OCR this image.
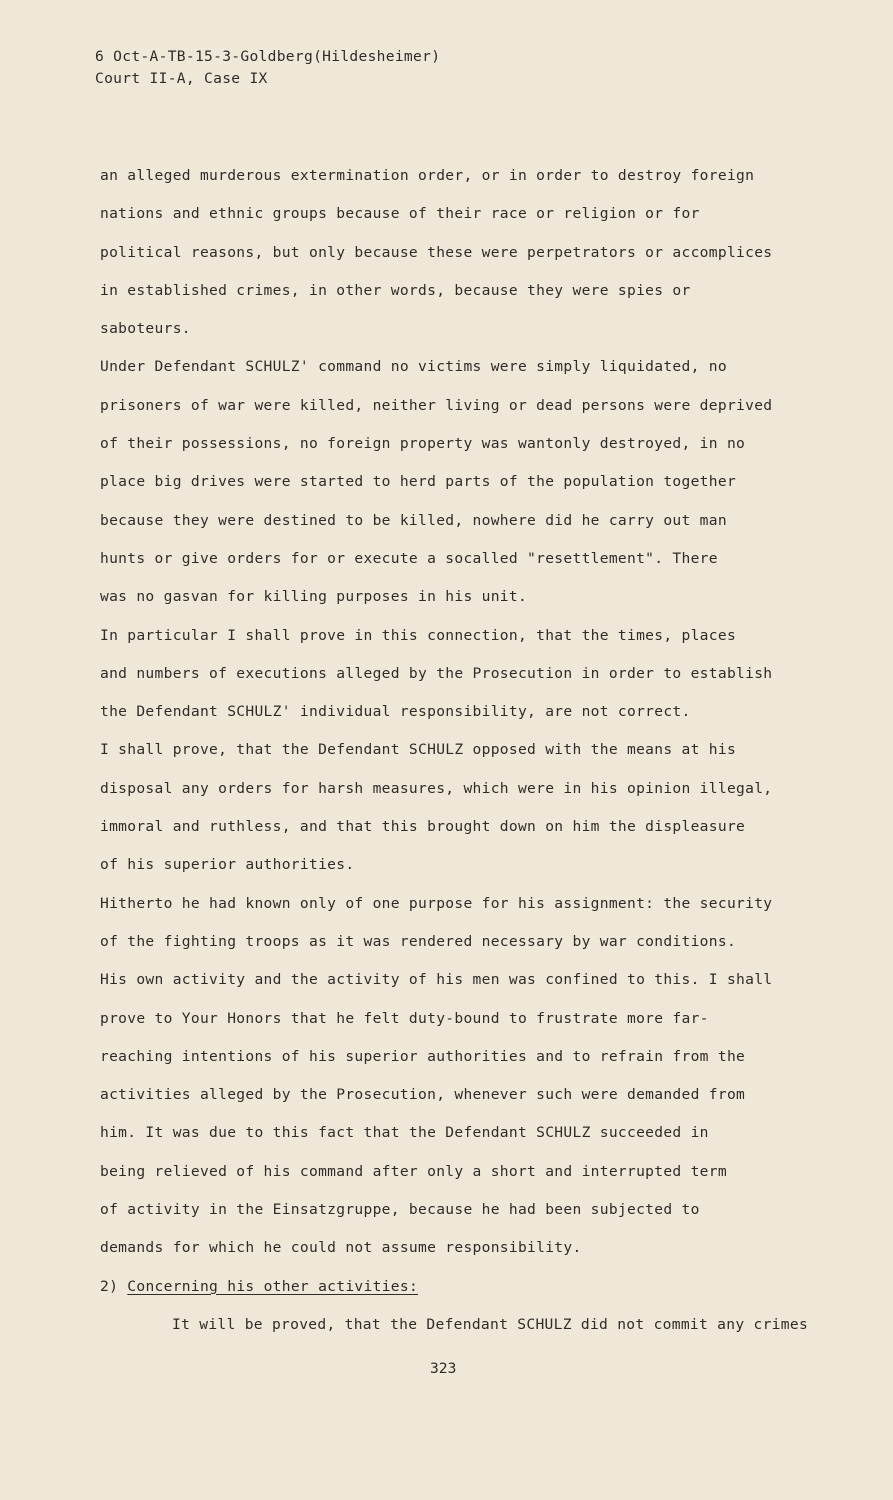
6 Oct-A-TB-15-3-Goldberg(Hildesheimer)
Court II-A, Case IX
an alleged murderous extermination order, or in order to destroy foreign
nations and ethnic groups because of their race or religion or for
political reasons, but only because these were perpetrators or accomplices
in established crimes, in other words, because they were spies or
saboteurs.
Under Defendant SCHULZ' command no victims were simply liquidated, no
prisoners of war were killed, neither living or dead persons were deprived
of their possessions, no foreign property was wantonly destroyed, in no
place big drives were started to herd parts of the population together
because they were destined to be killed, nowhere did he carry out man
hunts or give orders for or execute a socalled "resettlement". There
was no gasvan for killing purposes in his unit.
In particular I shall prove in this connection, that the times, places
and numbers of executions alleged by the Prosecution in order to establish
the Defendant SCHULZ' individual responsibility, are not correct.
I shall prove, that the Defendant SCHULZ opposed with the means at his
disposal any orders for harsh measures, which were in his opinion illegal,
immoral and ruthless, and that this brought down on him the displeasure
of his superior authorities.
Hitherto he had known only of one purpose for his assignment: the security
of the fighting troops as it was rendered necessary by war conditions.
His own activity and the activity of his men was confined to this. I shall
prove to Your Honors that he felt duty-bound to frustrate more far-
reaching intentions of his superior authorities and to refrain from the
activities alleged by the Prosecution, whenever such were demanded from
him. It was due to this fact that the Defendant SCHULZ succeeded in
being relieved of his command after only a short and interrupted term
of activity in the Einsatzgruppe, because he had been subjected to
demands for which he could not assume responsibility.
2) Concerning his other activities:
It will be proved, that the Defendant SCHULZ did not commit any crimes
323
